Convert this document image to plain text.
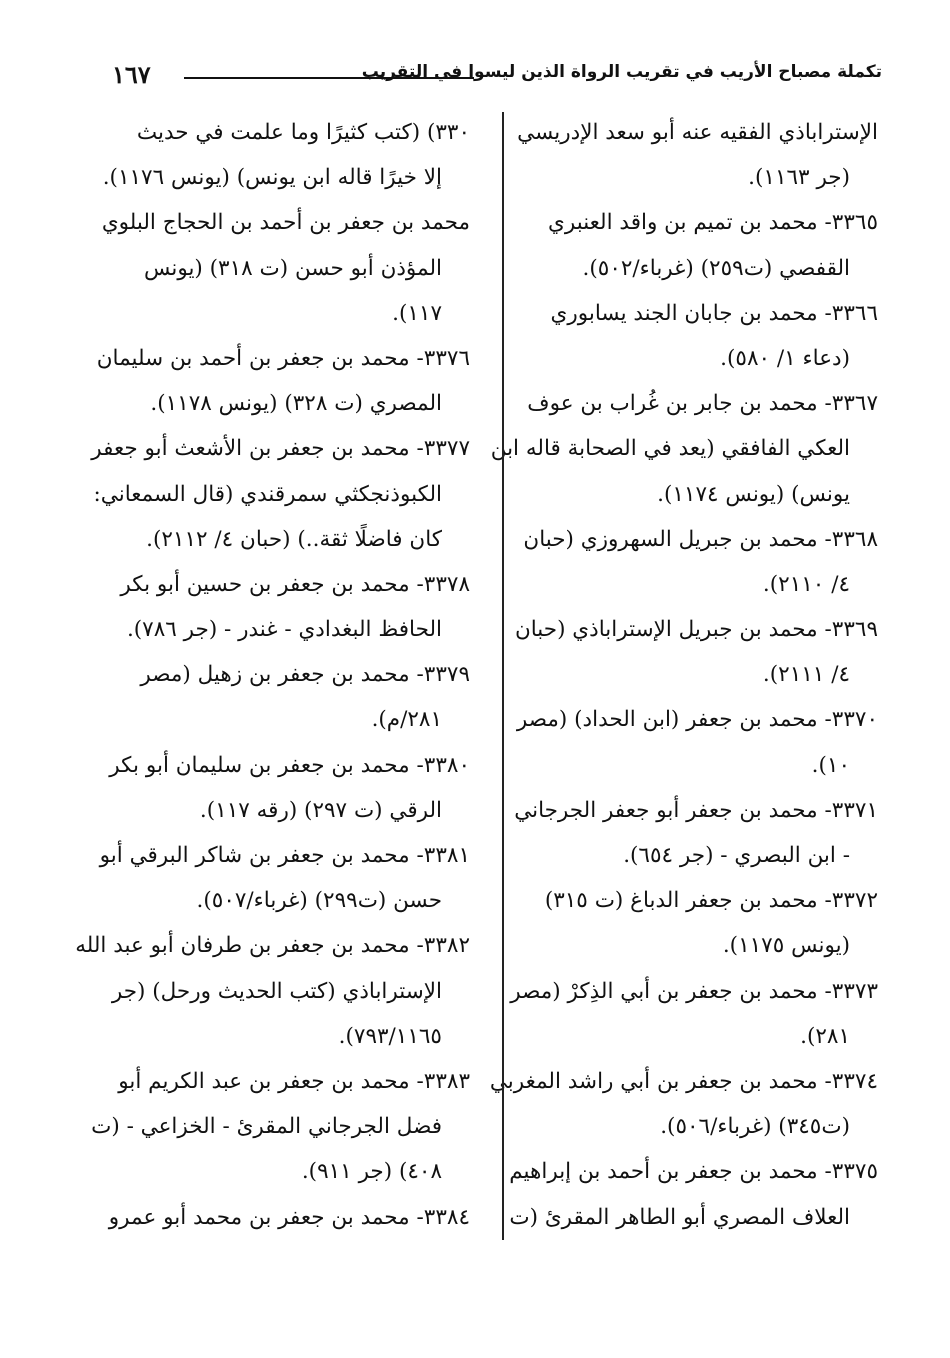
تكملة مصباح الأريب في تقريب الرواة الذين ليسوا في التقريب
١٦٧
الإستراباذي الفقيه عنه أبو سعد الإدريسي
(جر ١١٦٣).
٣٣٦٥- محمد بن تميم بن واقد العنبري
القفصي (ت٢٥٩) (غرباء/٥٠٢).
٣٣٦٦- محمد بن جابان الجند يسابوري
(دعاء ١/ ٥٨٠).
٣٣٦٧- محمد بن جابر بن غُراب بن عوف
العكي الفافقي (يعد في الصحابة قاله ابن
يونس) (يونس ١١٧٤).
٣٣٦٨- محمد بن جبريل السهروزي (حبان
٤/ ٢١١٠).
٣٣٦٩- محمد بن جبريل الإستراباذي (حبان
٤/ ٢١١١).
٣٣٧٠- محمد بن جعفر (ابن الحداد) (مصر
١٠).
٣٣٧١- محمد بن جعفر أبو جعفر الجرجاني
- ابن البصري - (جر ٦٥٤).
٣٣٧٢- محمد بن جعفر الدباغ (ت ٣١٥)
(يونس ١١٧٥).
٣٣٧٣- محمد بن جعفر بن أبي الذِكرْ (مصر
٢٨١).
٣٣٧٤- محمد بن جعفر بن أبي راشد المغربي
(ت٣٤٥) (غرباء/٥٠٦).
٣٣٧٥- محمد بن جعفر بن أحمد بن إبراهيم
العلاف المصري أبو الطاهر المقرئ (ت
٣٣٠) (كتب كثيرًا وما علمت في حديث
إلا خيرًا قاله ابن يونس) (يونس ١١٧٦).
محمد بن جعفر بن أحمد بن الحجاج البلوي
المؤذن أبو حسن (ت ٣١٨) (يونس
١١٧).
٣٣٧٦- محمد بن جعفر بن أحمد بن سليمان
المصري (ت ٣٢٨) (يونس ١١٧٨).
٣٣٧٧- محمد بن جعفر بن الأشعث أبو جعفر
الكبوذنجكثي سمرقندي (قال السمعاني:
كان فاضلًا ثقة..) (حبان ٤/ ٢١١٢).
٣٣٧٨- محمد بن جعفر بن حسين أبو بكر
الحافظ البغدادي - غندر - (جر ٧٨٦).
٣٣٧٩- محمد بن جعفر بن زهيل (مصر
٢٨١/م).
٣٣٨٠- محمد بن جعفر بن سليمان أبو بكر
الرقي (ت ٢٩٧) (رقه ١١٧).
٣٣٨١- محمد بن جعفر بن شاكر البرقي أبو
حسن (ت٢٩٩) (غرباء/٥٠٧).
٣٣٨٢- محمد بن جعفر بن طرفان أبو عبد الله
الإستراباذي (كتب الحديث ورحل) (جر
٧٩٣/١١٦٥).
٣٣٨٣- محمد بن جعفر بن عبد الكريم أبو
فضل الجرجاني المقرئ - الخزاعي - (ت
٤٠٨) (جر ٩١١).
٣٣٨٤- محمد بن جعفر بن محمد أبو عمرو
